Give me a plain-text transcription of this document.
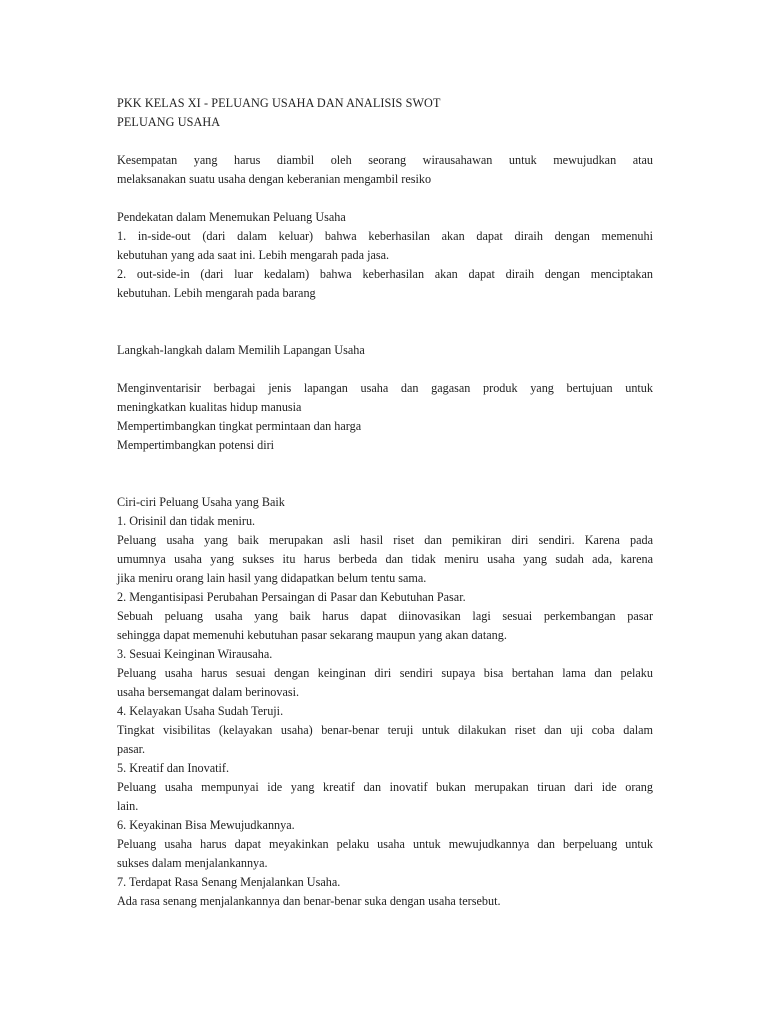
PKK KELAS XI - PELUANG USAHA DAN ANALISIS SWOT
PELUANG USAHA
Kesempatan yang harus diambil oleh seorang wirausahawan untuk mewujudkan atau
melaksanakan suatu usaha dengan keberanian mengambil resiko
Pendekatan dalam Menemukan Peluang Usaha
1. in-side-out (dari dalam keluar) bahwa keberhasilan akan dapat diraih dengan memenuhi
kebutuhan yang ada saat ini. Lebih mengarah pada jasa.
2. out-side-in (dari luar kedalam) bahwa keberhasilan akan dapat diraih dengan menciptakan
kebutuhan. Lebih mengarah pada barang
Langkah-langkah dalam Memilih Lapangan Usaha
Menginventarisir berbagai jenis lapangan usaha dan gagasan produk yang bertujuan untuk
meningkatkan kualitas hidup manusia
Mempertimbangkan tingkat permintaan dan harga
Mempertimbangkan potensi diri
Ciri-ciri Peluang Usaha yang Baik
1. Orisinil dan tidak meniru.
Peluang usaha yang baik merupakan asli hasil riset dan pemikiran diri sendiri. Karena pada
umumnya usaha yang sukses itu harus berbeda dan tidak meniru usaha yang sudah ada, karena
jika meniru orang lain hasil yang didapatkan belum tentu sama.
2. Mengantisipasi Perubahan Persaingan di Pasar dan Kebutuhan Pasar.
Sebuah peluang usaha yang baik harus dapat diinovasikan lagi sesuai perkembangan pasar
sehingga dapat memenuhi kebutuhan pasar sekarang maupun yang akan datang.
3. Sesuai Keinginan Wirausaha.
Peluang usaha harus sesuai dengan keinginan diri sendiri supaya bisa bertahan lama dan pelaku
usaha bersemangat dalam berinovasi.
4. Kelayakan Usaha Sudah Teruji.
Tingkat visibilitas (kelayakan usaha) benar-benar teruji untuk dilakukan riset dan uji coba dalam
pasar.
5. Kreatif dan Inovatif.
Peluang usaha mempunyai ide yang kreatif dan inovatif bukan merupakan tiruan dari ide orang
lain.
6. Keyakinan Bisa Mewujudkannya.
Peluang usaha harus dapat meyakinkan pelaku usaha untuk mewujudkannya dan berpeluang untuk
sukses dalam menjalankannya.
7. Terdapat Rasa Senang Menjalankan Usaha.
Ada rasa senang menjalankannya dan benar-benar suka dengan usaha tersebut.
